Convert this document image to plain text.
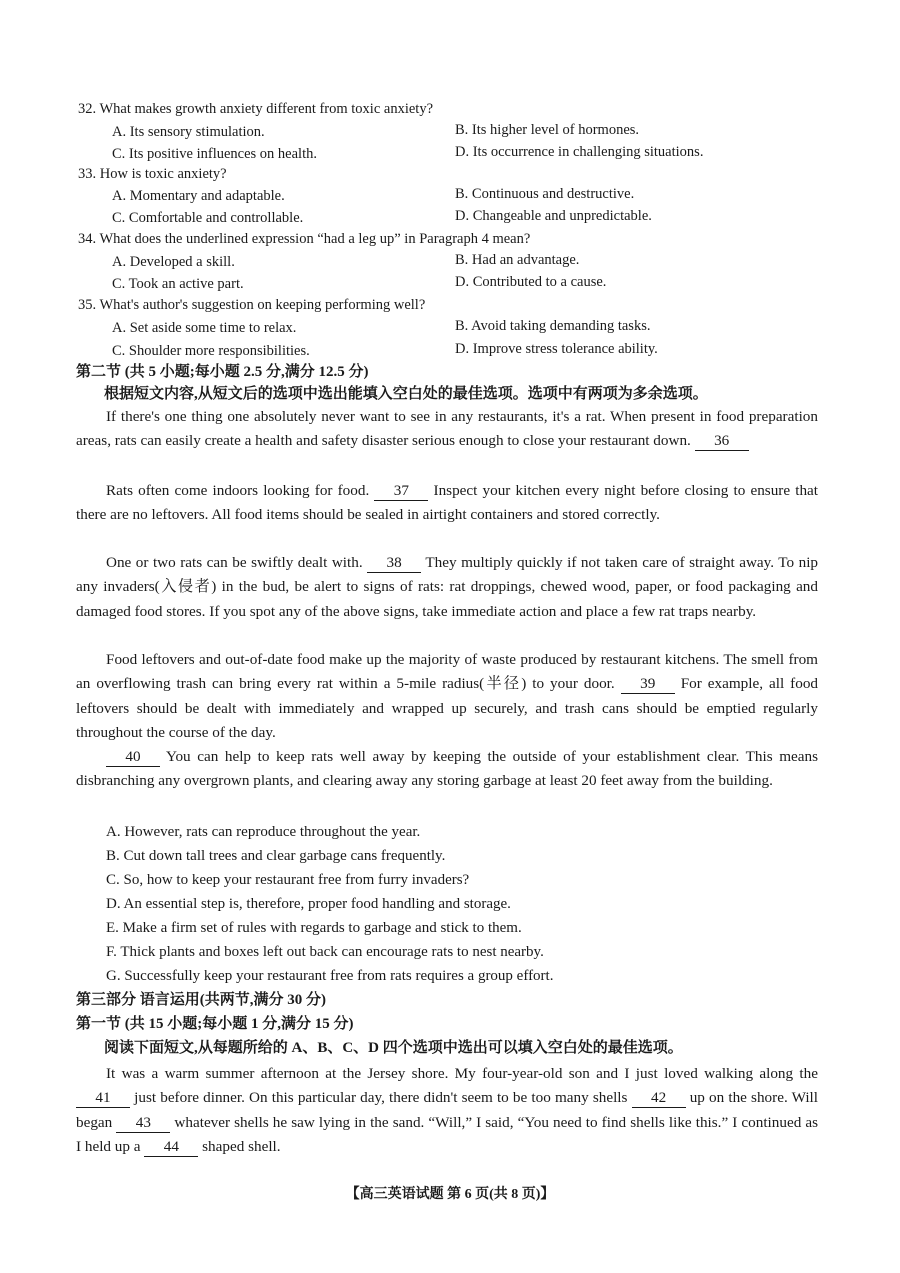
32. What makes growth anxiety different from toxic anxiety?
A. Its sensory stimulation.	B. Its higher level of hormones.
C. Its positive influences on health.	D. Its occurrence in challenging situations.
33. How is toxic anxiety?
A. Momentary and adaptable.	B. Continuous and destructive.
C. Comfortable and controllable.	D. Changeable and unpredictable.
34. What does the underlined expression “had a leg up” in Paragraph 4 mean?
A. Developed a skill.	B. Had an advantage.
C. Took an active part.	D. Contributed to a cause.
35. What's author's suggestion on keeping performing well?
A. Set aside some time to relax.	B. Avoid taking demanding tasks.
C. Shoulder more responsibilities.	D. Improve stress tolerance ability.
第二节 (共 5 小题;每小题 2.5 分,满分 12.5 分)
根据短文内容,从短文后的选项中选出能填入空白处的最佳选项。选项中有两项为多余选项。
If there's one thing one absolutely never want to see in any restaurants, it's a rat. When present in food preparation areas, rats can easily create a health and safety disaster serious enough to close your restaurant down. 36
Rats often come indoors looking for food. 37 Inspect your kitchen every night before closing to ensure that there are no leftovers. All food items should be sealed in airtight containers and stored correctly.
One or two rats can be swiftly dealt with. 38 They multiply quickly if not taken care of straight away. To nip any invaders(入侵者) in the bud, be alert to signs of rats: rat droppings, chewed wood, paper, or food packaging and damaged food stores. If you spot any of the above signs, take immediate action and place a few rat traps nearby.
Food leftovers and out-of-date food make up the majority of waste produced by restaurant kitchens. The smell from an overflowing trash can bring every rat within a 5-mile radius(半径) to your door. 39 For example, all food leftovers should be dealt with immediately and wrapped up securely, and trash cans should be emptied regularly throughout the course of the day.
40 You can help to keep rats well away by keeping the outside of your establishment clear. This means disbranching any overgrown plants, and clearing away any storing garbage at least 20 feet away from the building.
A. However, rats can reproduce throughout the year.
B. Cut down tall trees and clear garbage cans frequently.
C. So, how to keep your restaurant free from furry invaders?
D. An essential step is, therefore, proper food handling and storage.
E. Make a firm set of rules with regards to garbage and stick to them.
F. Thick plants and boxes left out back can encourage rats to nest nearby.
G. Successfully keep your restaurant free from rats requires a group effort.
第三部分 语言运用(共两节,满分 30 分)
第一节 (共 15 小题;每小题 1 分,满分 15 分)
阅读下面短文,从每题所给的 A、B、C、D 四个选项中选出可以填入空白处的最佳选项。
It was a warm summer afternoon at the Jersey shore. My four-year-old son and I just loved walking along the 41 just before dinner. On this particular day, there didn't seem to be too many shells 42 up on the shore. Will began 43 whatever shells he saw lying in the sand. “Will,” I said, “You need to find shells like this.” I continued as I held up a 44 shaped shell.
【高三英语试题 第 6 页(共 8 页)】
